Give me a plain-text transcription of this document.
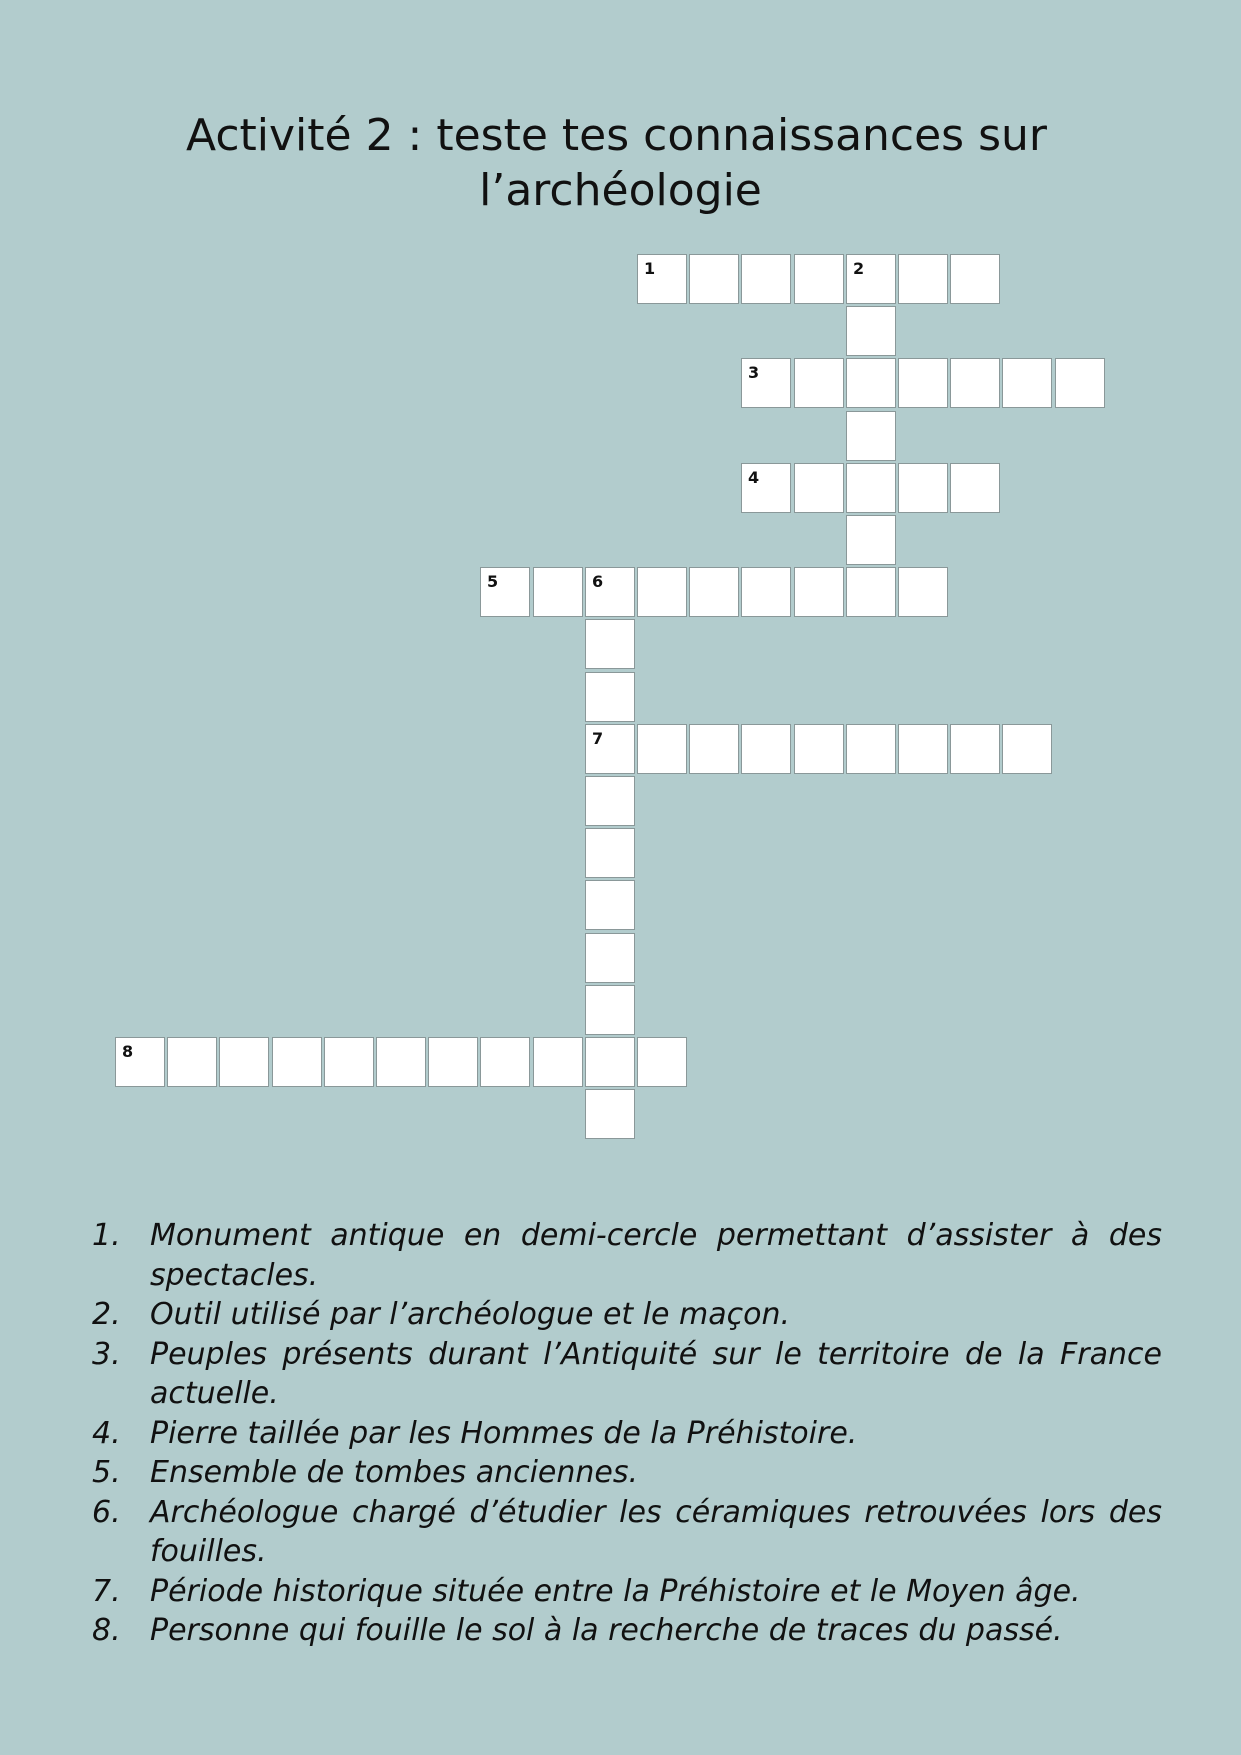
Activité 2 : teste tes connaissances sur
l’archéologie
1	2
3
4
5	6
7
8
1. Monument antique en demi-cercle permettant d’assister à des spectacles.
2. Outil utilisé par l’archéologue et le maçon.
3. Peuples présents durant l’Antiquité sur le territoire de la France actuelle.
4. Pierre taillée par les Hommes de la Préhistoire.
5. Ensemble de tombes anciennes.
6. Archéologue chargé d’étudier les céramiques retrouvées lors des fouilles.
7. Période historique située entre la Préhistoire et le Moyen âge.
8. Personne qui fouille le sol à la recherche de traces du passé.
